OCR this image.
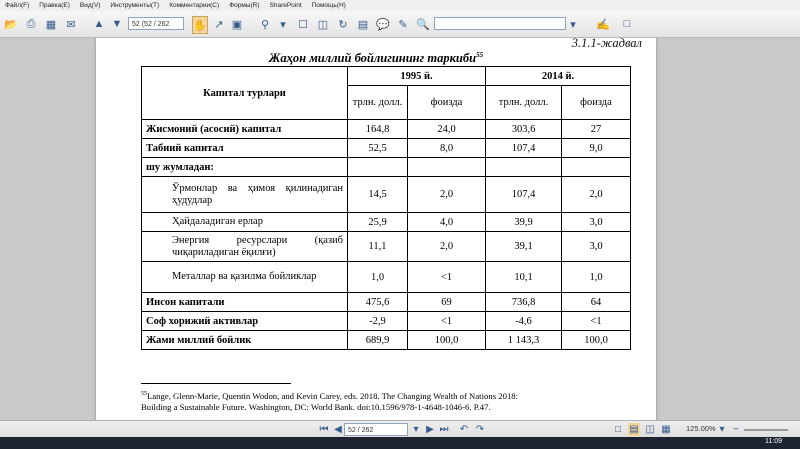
Файл(F)	Правка(E)	Вид(V)	Инструменты(T)	Комментарии(C)	Формы(R)	SharePoint	Помощь(H)
📂 ⎙ ▦ ✉ ▲ ▼	52 (52 / 262	✋ ↗ ▣ ⚲	▾	☐ ◫ ↻ ▤ 💬 ✎ 🔍	▾	✍	□
3.1.1-жадвал
Жаҳон миллий бойлигининг таркиби$^{55}$
Капитал турлари	1995 й.		2014 й.	
	трлн. долл.	фоизда	трлн. долл.	фоизда
Жисмоний (асосий) капитал	164,8	24,0	303,6	27
Табиий капитал	52,5	8,0	107,4	9,0
шу жумладан:				
Ўрмонлар ва ҳимоя қилинадиган ҳудудлар	14,5	2,0	107,4	2,0
Ҳайдаладиган ерлар	25,9	4,0	39,9	3,0
Энергия ресурслари (қазиб чиқариладиган ёқилғи)	11,1	2,0	39,1	3,0
Металлар ва қазилма бойликлар	1,0	<1	10,1	1,0
Инсон капитали	475,6	69	736,8	64
Соф хорижий активлар	-2,9	<1	-4,6	<1
Жами миллий бойлик	689,9	100,0	1 143,3	100,0
$^{55}$Lange, Glenn-Marie, Quentin Wodon, and Kevin Carey, eds. 2018. The Changing Wealth of Nations 2018:
Building a Sustainable Future. Washington, DC: World Bank. doi:10.1596/978-1-4648-1046-6. P.47.
⏮ ◀ 52 / 262	▾ ▶ ⏭ ↶ ↷	□ ▤ ◫ ▦ 125.00% ▾ −
11:09
